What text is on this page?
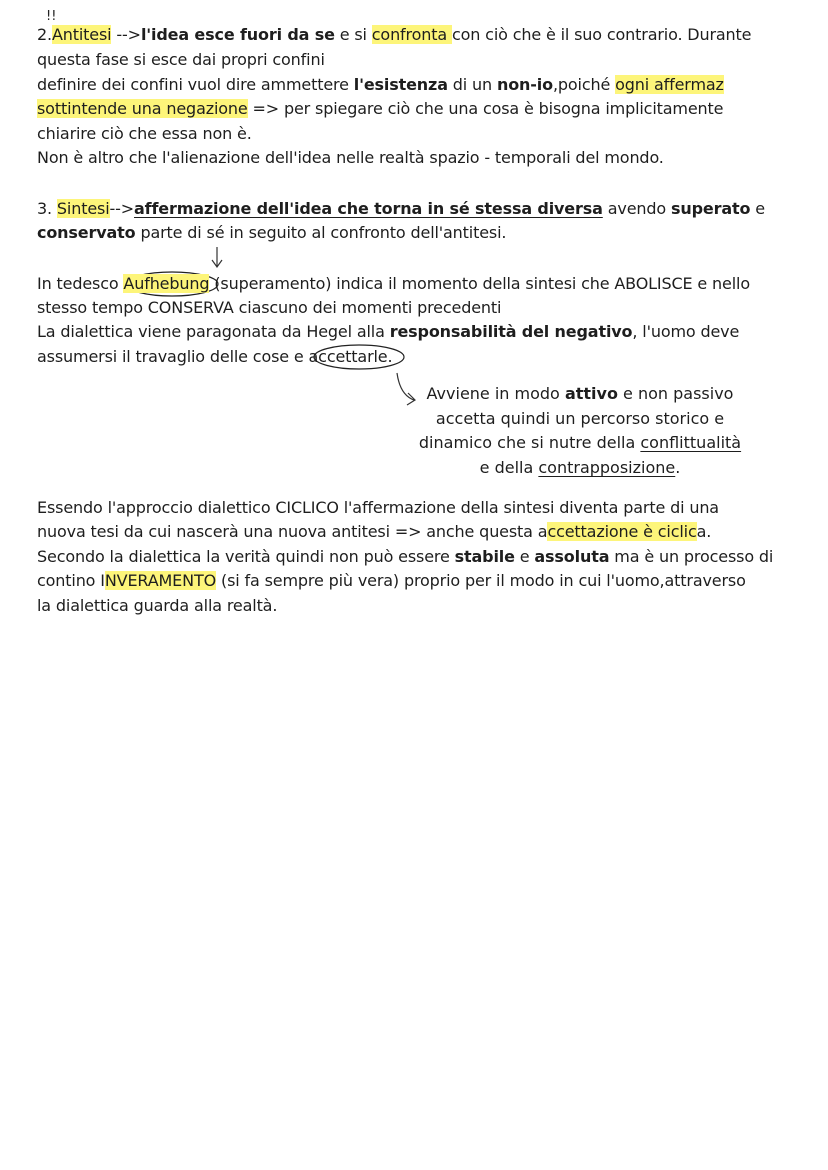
!!
2.Antitesi -->l'idea esce fuori da se e si confronta con ciò che è il suo contrario. Durante
questa fase si esce dai propri confini
definire dei confini vuol dire ammettere l'esistenza di un non-io,poiché ogni affermaz
sottintende una negazione => per spiegare ciò che una cosa è bisogna implicitamente
chiarire ciò che essa non è.
Non è altro che l'alienazione dell'idea nelle realtà spazio - temporali del mondo.
3. Sintesi-->affermazione dell'idea che torna in sé stessa diversa avendo superato e
conservato parte di sé in seguito al confronto dell'antitesi.
In tedesco Aufhebung (superamento) indica il momento della sintesi che ABOLISCE e nello
stesso tempo CONSERVA ciascuno dei momenti precedenti
La dialettica viene paragonata da Hegel alla responsabilità del negativo, l'uomo deve
assumersi il travaglio delle cose e accettarle.
Avviene in modo attivo e non passivo
accetta quindi un percorso storico e
dinamico che si nutre della conflittualità
e della contrapposizione.
Essendo l'approccio dialettico CICLICO l'affermazione della sintesi diventa parte di una
nuova tesi da cui nascerà una nuova antitesi => anche questa accettazione è ciclica.
Secondo la dialettica la verità quindi non può essere stabile e assoluta ma è un processo di
contino INVERAMENTO (si fa sempre più vera) proprio per il modo in cui l'uomo,attraverso
la dialettica guarda alla realtà.
